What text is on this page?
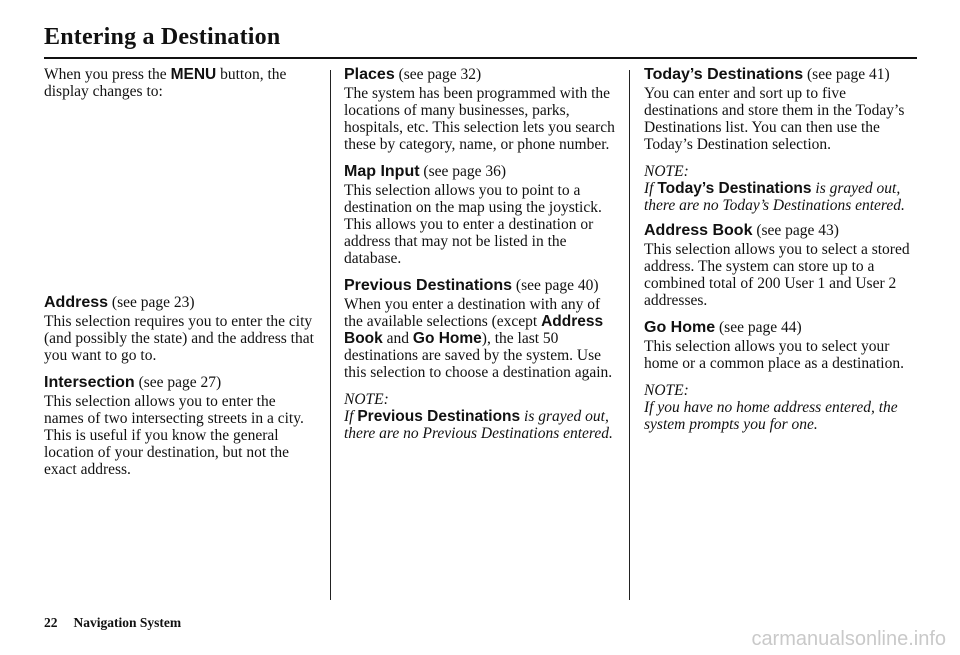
Entering a Destination

When you press the MENU button, the display changes to:

Address (see page 23)

This selection requires you to enter the city (and possibly the state) and the address that you want to go to.

Intersection (see page 27)

This selection allows you to enter the names of two intersecting streets in a city. This is useful if you know the general location of your destination, but not the exact address.

Places (see page 32)

The system has been programmed with the locations of many businesses, parks, hospitals, etc. This selection lets you search these by category, name, or phone number.

Map Input (see page 36)

This selection allows you to point to a destination on the map using the joystick. This allows you to enter a destination or address that may not be listed in the database.

Previous Destinations (see page 40)

When you enter a destination with any of the available selections (except Address Book and Go Home), the last 50 destinations are saved by the system. Use this selection to choose a destination again.

NOTE:

If Previous Destinations is grayed out, there are no Previous Destinations entered.

Today’s Destinations (see page 41)

You can enter and sort up to five destinations and store them in the Today’s Destinations list. You can then use the Today’s Destination selection.

NOTE:

If Today’s Destinations is grayed out, there are no Today’s Destinations entered.

Address Book (see page 43)

This selection allows you to select a stored address. The system can store up to a combined total of 200 User 1 and User 2 addresses.

Go Home (see page 44)

This selection allows you to select your home or a common place as a destination.

NOTE:

If you have no home address entered, the system prompts you for one.

22 Navigation System
carmanualsonline.info
